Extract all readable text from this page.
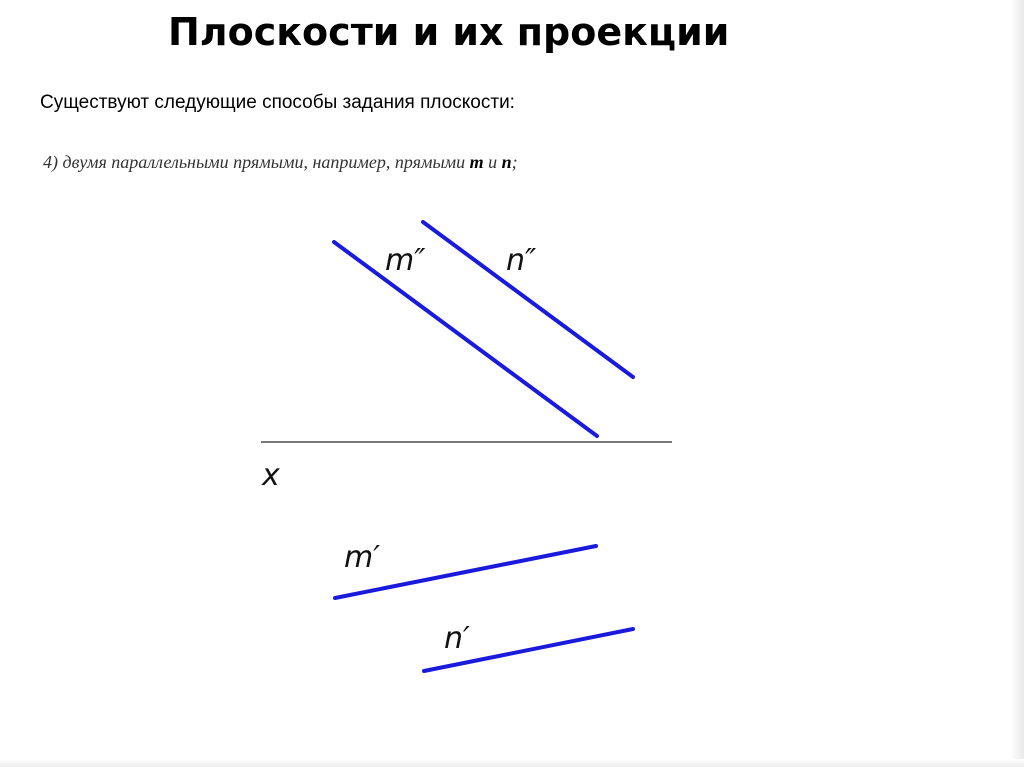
Плоскости и их проекции
Существуют следующие способы задания плоскости:
4) двумя параллельными прямыми, например, прямыми m и n;
m″	n″
x
m′
n′
